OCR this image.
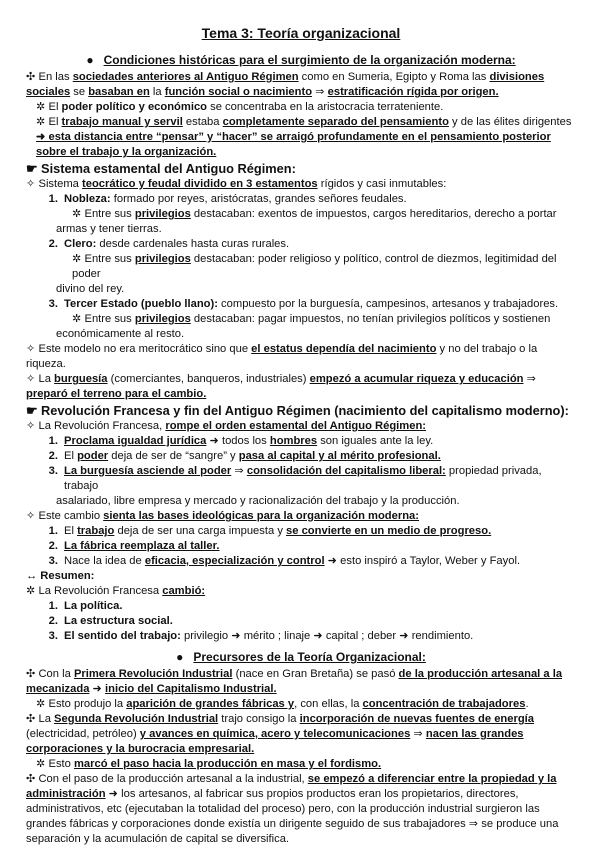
Tema 3: Teoría organizacional
●   Condiciones históricas para el surgimiento de la organización moderna:

✣ En las sociedades anteriores al Antiguo Régimen como en Sumeria, Egipto y Roma las divisiones

sociales se basaban en la función social o nacimiento ⇒ estratificación rígida por origen.

✲ El poder político y económico se concentraba en la aristocracia terrateniente.

✲ El trabajo manual y servil estaba completamente separado del pensamiento y de las élites dirigentes

➜ esta distancia entre “pensar” y “hacer” se arraigó profundamente en el pensamiento posterior

sobre el trabajo y la organización.

☛ Sistema estamental del Antiguo Régimen:

✧ Sistema teocrático y feudal dividido en 3 estamentos rígidos y casi inmutables:

1. Nobleza: formado por reyes, aristócratas, grandes señores feudales.

✲ Entre sus privilegios destacaban: exentos de impuestos, cargos hereditarios, derecho a portar

armas y tener tierras.

2. Clero: desde cardenales hasta curas rurales.

✲ Entre sus privilegios destacaban: poder religioso y político, control de diezmos, legitimidad del poder

divino del rey.

3. Tercer Estado (pueblo llano): compuesto por la burguesía, campesinos, artesanos y trabajadores.

✲ Entre sus privilegios destacaban: pagar impuestos, no tenían privilegios políticos y sostienen

económicamente al resto.

✧ Este modelo no era meritocrático sino que el estatus dependía del nacimiento y no del trabajo o la

riqueza.

✧ La burguesía (comerciantes, banqueros, industriales) empezó a acumular riqueza y educación ⇒

preparó el terreno para el cambio.

☛ Revolución Francesa y fin del Antiguo Régimen (nacimiento del capitalismo moderno):

✧ La Revolución Francesa, rompe el orden estamental del Antiguo Régimen:

1. Proclama igualdad jurídica ➜ todos los hombres son iguales ante la ley.
2. El poder deja de ser de “sangre” y pasa al capital y al mérito profesional.
3. La burguesía asciende al poder ⇒ consolidación del capitalismo liberal: propiedad privada, trabajo

asalariado, libre empresa y mercado y racionalización del trabajo y la producción.

✧ Este cambio sienta las bases ideológicas para la organización moderna:

1. El trabajo deja de ser una carga impuesta y se convierte en un medio de progreso.
2. La fábrica reemplaza al taller.
3. Nace la idea de eficacia, especialización y control ➜ esto inspiró a Taylor, Weber y Fayol.

↔ Resumen:

✲ La Revolución Francesa cambió:

1. La política.
2. La estructura social.
3. El sentido del trabajo: privilegio ➜ mérito ; linaje ➜ capital ; deber ➜ rendimiento.
●   Precursores de la Teoría Organizacional:

✣ Con la Primera Revolución Industrial (nace en Gran Bretaña) se pasó de la producción artesanal a la

mecanizada ➜ inicio del Capitalismo Industrial.

✲ Esto produjo la aparición de grandes fábricas y, con ellas, la concentración de trabajadores.

✣ La Segunda Revolución Industrial trajo consigo la incorporación de nuevas fuentes de energía

(electricidad, petróleo) y avances en química, acero y telecomunicaciones ⇒ nacen las grandes

corporaciones y la burocracia empresarial.

✲ Esto marcó el paso hacia la producción en masa y el fordismo.

✣ Con el paso de la producción artesanal a la industrial, se empezó a diferenciar entre la propiedad y la

administración ➜ los artesanos, al fabricar sus propios productos eran los propietarios, directores,

administrativos, etc (ejecutaban la totalidad del proceso) pero, con la producción industrial surgieron las

grandes fábricas y corporaciones donde existía un dirigente seguido de sus trabajadores ⇒ se produce una

separación y la acumulación de capital se diversifica.
